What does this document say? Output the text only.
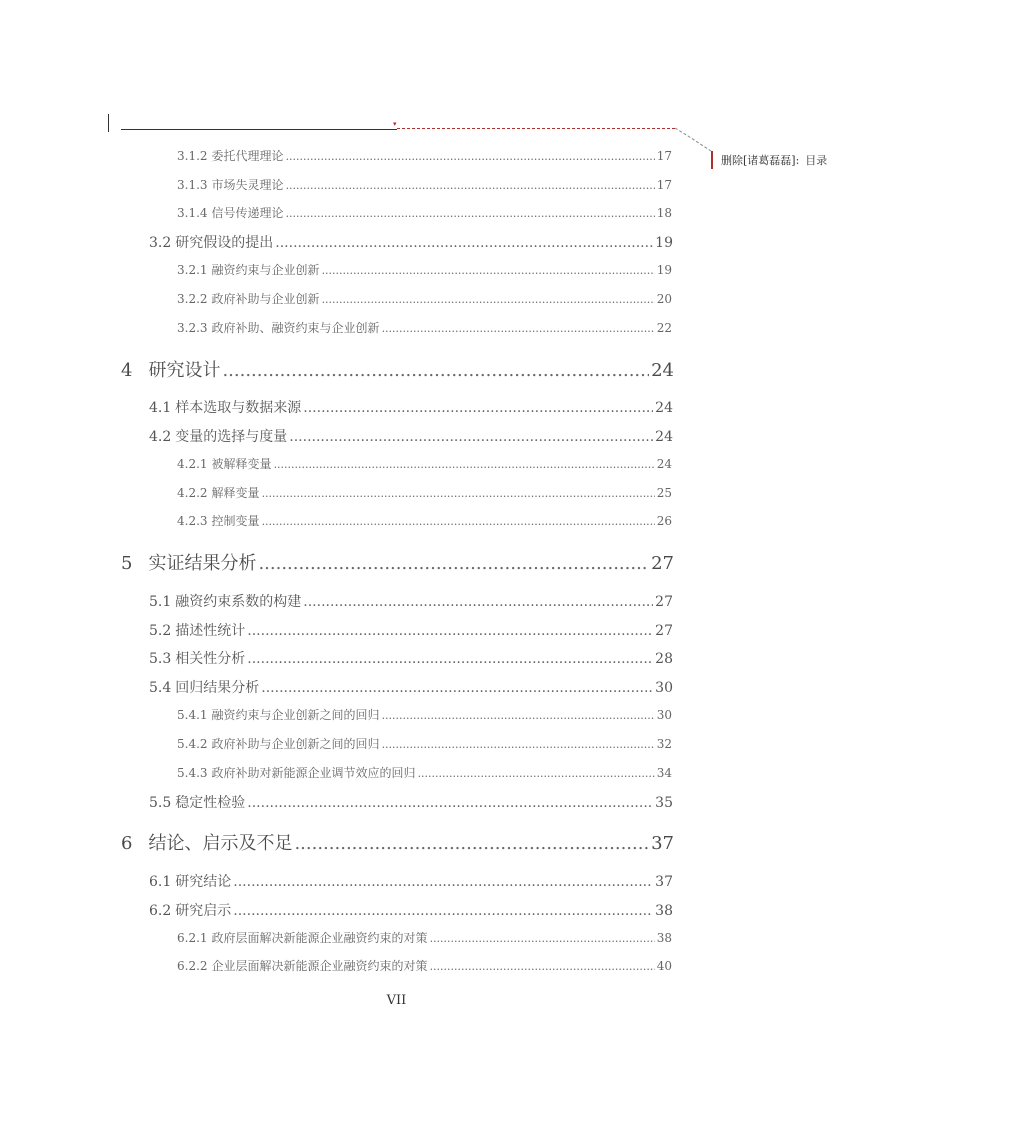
▾
删除[诸葛磊磊]: 目录
3.1.2 委托代理理论 .....	17
3.1.3 市场失灵理论 .....	17
3.1.4 信号传递理论 .....	18
3.2 研究假设的提出 .....	19
3.2.1 融资约束与企业创新 .....	19
3.2.2 政府补助与企业创新 .....	20
3.2.3 政府补助、融资约束与企业创新 .....	22
4 研究设计 .....	24
4.1 样本选取与数据来源 .....	24
4.2 变量的选择与度量 .....	24
4.2.1 被解释变量 .....	24
4.2.2 解释变量 .....	25
4.2.3 控制变量 .....	26
5 实证结果分析 .....	27
5.1 融资约束系数的构建 .....	27
5.2 描述性统计 .....	27
5.3 相关性分析 .....	28
5.4 回归结果分析 .....	30
5.4.1 融资约束与企业创新之间的回归 .....	30
5.4.2 政府补助与企业创新之间的回归 .....	32
5.4.3 政府补助对新能源企业调节效应的回归 .....	34
5.5 稳定性检验 .....	35
6 结论、启示及不足 .....	37
6.1 研究结论 .....	37
6.2 研究启示 .....	38
6.2.1 政府层面解决新能源企业融资约束的对策 .....	38
6.2.2 企业层面解决新能源企业融资约束的对策 .....	40
VII
